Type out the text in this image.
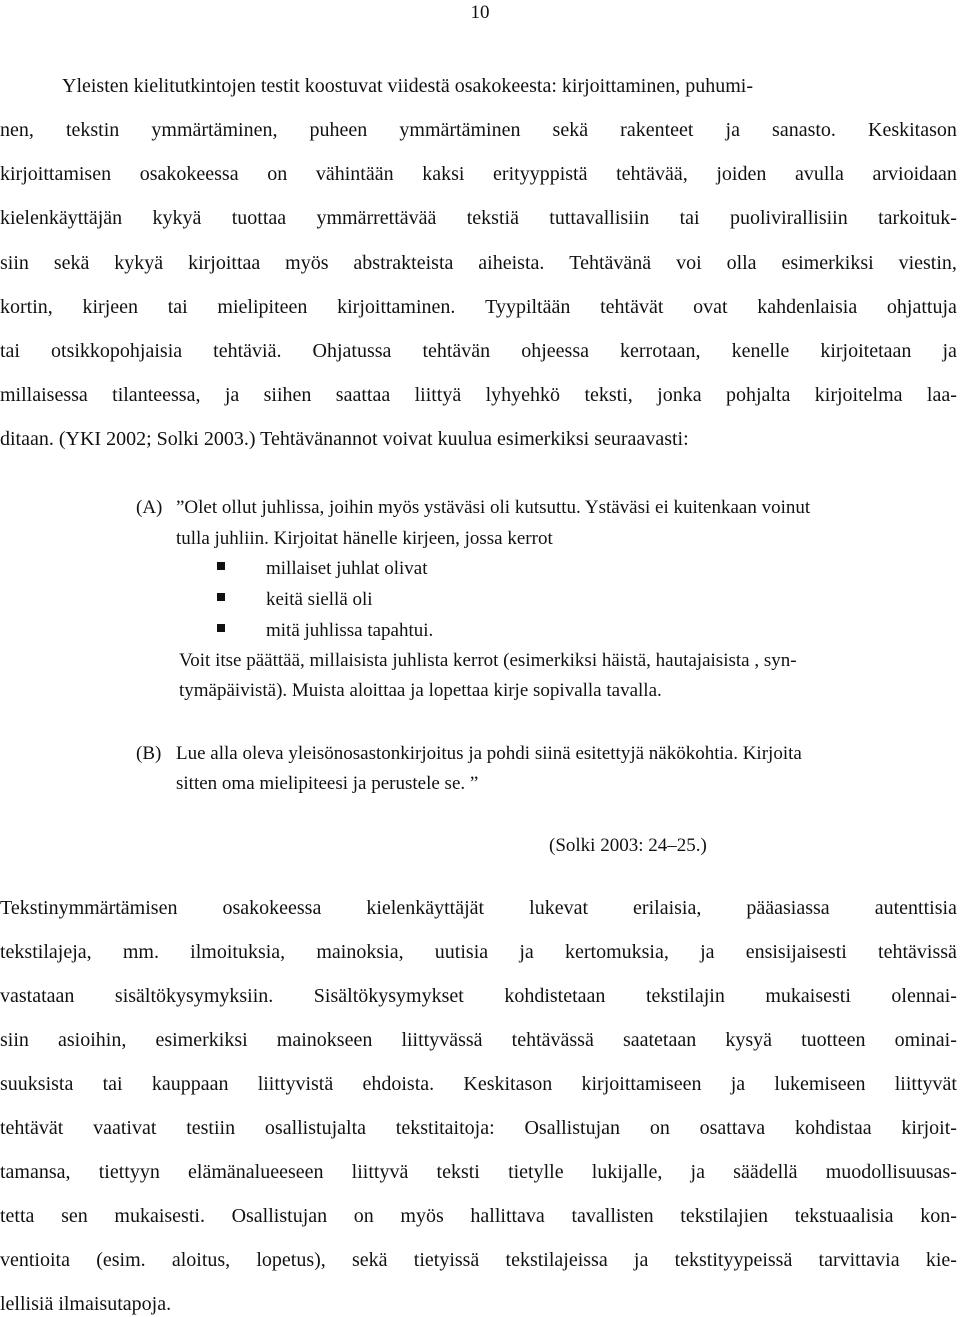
10
Yleisten kielitutkintojen testit koostuvat viidestä osakokeesta: kirjoittaminen, puhumi-
nen, tekstin ymmärtäminen, puheen ymmärtäminen sekä rakenteet ja sanasto. Keskitason
kirjoittamisen osakokeessa on vähintään kaksi erityyppistä tehtävää, joiden avulla arvioidaan
kielenkäyttäjän kykyä tuottaa ymmärrettävää tekstiä tuttavallisiin tai puolivirallisiin tarkoituk-
siin sekä kykyä kirjoittaa myös abstrakteista aiheista. Tehtävänä voi olla esimerkiksi viestin,
kortin, kirjeen tai mielipiteen kirjoittaminen. Tyypiltään tehtävät ovat kahdenlaisia ohjattuja
tai otsikkopohjaisia tehtäviä. Ohjatussa tehtävän ohjeessa kerrotaan, kenelle kirjoitetaan ja
millaisessa tilanteessa, ja siihen saattaa liittyä lyhyehkö teksti, jonka pohjalta kirjoitelma laa-
ditaan. (YKI 2002; Solki 2003.) Tehtävänannot voivat kuulua esimerkiksi seuraavasti:
(A) ”Olet ollut juhlissa, joihin myös ystäväsi oli kutsuttu. Ystäväsi ei kuitenkaan voinut
tulla juhliin. Kirjoitat hänelle kirjeen, jossa kerrot
millaiset juhlat olivat
keitä siellä oli
mitä juhlissa tapahtui.
Voit itse päättää, millaisista juhlista kerrot (esimerkiksi häistä, hautajaisista , syn-
tymäpäivistä). Muista aloittaa ja lopettaa kirje sopivalla tavalla.
(B) Lue alla oleva yleisönosastonkirjoitus ja pohdi siinä esitettyjä näkökohtia. Kirjoita
sitten oma mielipiteesi ja perustele se. ”
(Solki 2003: 24–25.)
Tekstinymmärtämisen osakokeessa kielenkäyttäjät lukevat erilaisia, pääasiassa autenttisia
tekstilajeja, mm. ilmoituksia, mainoksia, uutisia ja kertomuksia, ja ensisijaisesti tehtävissä
vastataan sisältökysymyksiin. Sisältökysymykset kohdistetaan tekstilajin mukaisesti olennai-
siin asioihin, esimerkiksi mainokseen liittyvässä tehtävässä saatetaan kysyä tuotteen ominai-
suuksista tai kauppaan liittyvistä ehdoista. Keskitason kirjoittamiseen ja lukemiseen liittyvät
tehtävät vaativat testiin osallistujalta tekstitaitoja: Osallistujan on osattava kohdistaa kirjoit-
tamansa, tiettyyn elämänalueeseen liittyvä teksti tietylle lukijalle, ja säädellä muodollisuusas-
tetta sen mukaisesti. Osallistujan on myös hallittava tavallisten tekstilajien tekstuaalisia kon-
ventioita (esim. aloitus, lopetus), sekä tietyissä tekstilajeissa ja tekstityypeissä tarvittavia kie-
lellisiä ilmaisutapoja.
